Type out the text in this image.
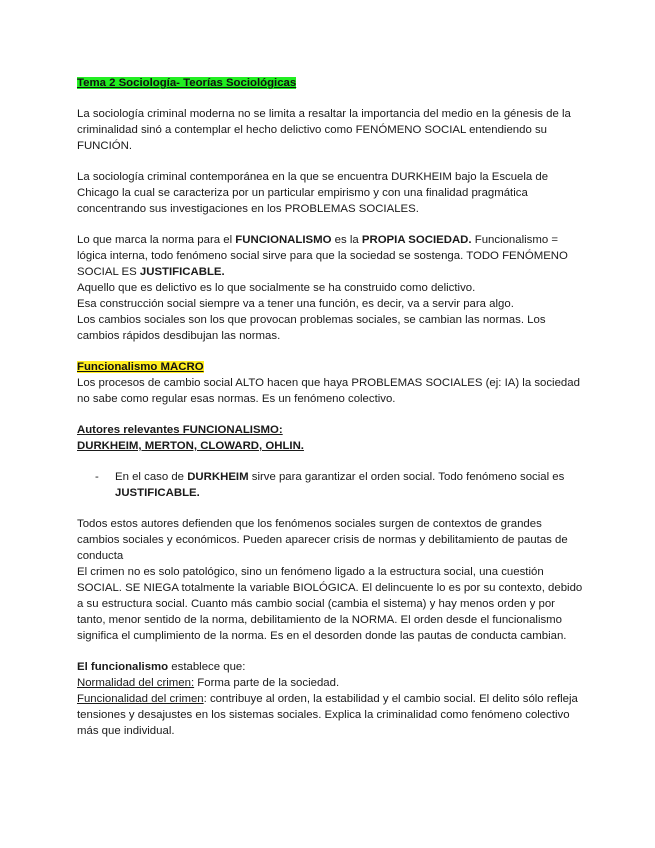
Tema 2 Sociología- Teorías Sociológicas

La sociología criminal moderna no se limita a resaltar la importancia del medio en la génesis de la criminalidad sinó a contemplar el hecho delictivo como FENÓMENO SOCIAL entendiendo su FUNCIÓN.

La sociología criminal contemporánea en la que se encuentra DURKHEIM bajo la Escuela de Chicago la cual se caracteriza por un particular empirismo y con una finalidad pragmática concentrando sus investigaciones en los PROBLEMAS SOCIALES.

Lo que marca la norma para el FUNCIONALISMO es la PROPIA SOCIEDAD. Funcionalismo = lógica interna, todo fenómeno social sirve para que la sociedad se sostenga. TODO FENÓMENO SOCIAL ES JUSTIFICABLE.

Aquello que es delictivo es lo que socialmente se ha construido como delictivo.

Esa construcción social siempre va a tener una función, es decir, va a servir para algo.

Los cambios sociales son los que provocan problemas sociales, se cambian las normas. Los cambios rápidos desdibujan las normas.

Funcionalismo MACRO

Los procesos de cambio social ALTO hacen que haya PROBLEMAS SOCIALES (ej: IA) la sociedad no sabe como regular esas normas. Es un fenómeno colectivo.

Autores relevantes FUNCIONALISMO:

DURKHEIM, MERTON, CLOWARD, OHLIN.

-	En el caso de DURKHEIM sirve para garantizar el orden social. Todo fenómeno social es JUSTIFICABLE.

Todos estos autores defienden que los fenómenos sociales surgen de contextos de grandes cambios sociales y económicos. Pueden aparecer crisis de normas y debilitamiento de pautas de conducta

El crimen no es solo patológico, sino un fenómeno ligado a la estructura social, una cuestión SOCIAL. SE NIEGA totalmente la variable BIOLÓGICA. El delincuente lo es por su contexto, debido a su estructura social. Cuanto más cambio social (cambia el sistema) y hay menos orden y por tanto, menor sentido de la norma, debilitamiento de la NORMA. El orden desde el funcionalismo significa el cumplimiento de la norma. Es en el desorden donde las pautas de conducta cambian.

El funcionalismo establece que:

Normalidad del crimen: Forma parte de la sociedad.

Funcionalidad del crimen: contribuye al orden, la estabilidad y el cambio social. El delito sólo refleja tensiones y desajustes en los sistemas sociales. Explica la criminalidad como fenómeno colectivo más que individual.
